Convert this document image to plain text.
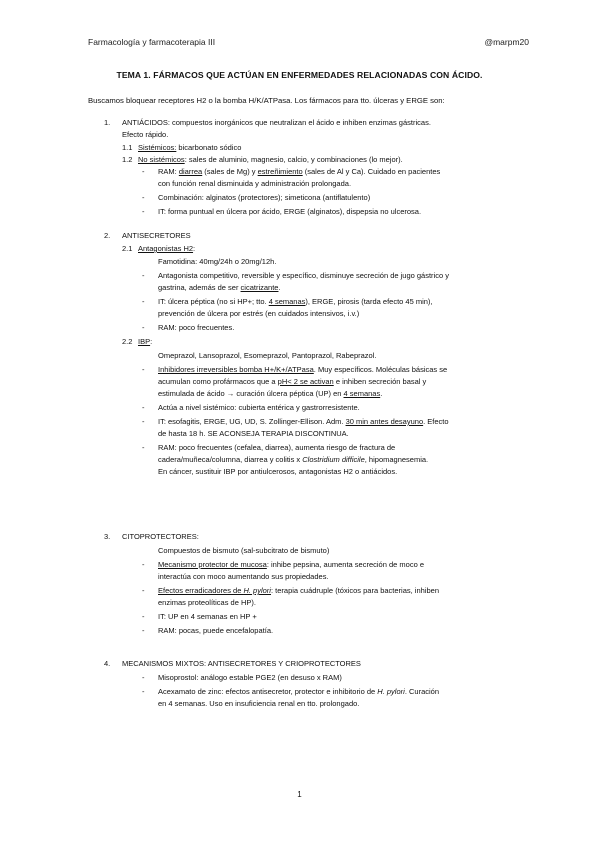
Farmacología y farmacoterapia III	@marpm20
TEMA 1. FÁRMACOS QUE ACTÚAN EN ENFERMEDADES RELACIONADAS CON ÁCIDO.
Buscamos bloquear receptores H2 o la bomba H/K/ATPasa. Los fármacos para tto. úlceras y ERGE son:
1. ANTIÁCIDOS: compuestos inorgánicos que neutralizan el ácido e inhiben enzimas gástricas.
Efecto rápido.
1.1 Sistémicos: bicarbonato sódico
1.2 No sistémicos: sales de aluminio, magnesio, calcio, y combinaciones (lo mejor).
- RAM: diarrea (sales de Mg) y estreñimiento (sales de Al y Ca). Cuidado en pacientes
con función renal disminuida y administración prolongada.
- Combinación: alginatos (protectores); simeticona (antiflatulento)
- IT: forma puntual en úlcera por ácido, ERGE (alginatos), dispepsia no ulcerosa.
2. ANTISECRETORES
2.1 Antagonistas H2:
Famotidina: 40mg/24h o 20mg/12h.
- Antagonista competitivo, reversible y específico, disminuye secreción de jugo gástrico y
gastrina, además de ser cicatrizante.
- IT: úlcera péptica (no si HP+; tto. 4 semanas), ERGE, pirosis (tarda efecto 45 min),
prevención de úlcera por estrés (en cuidados intensivos, i.v.)
- RAM: poco frecuentes.
2.2 IBP:
Omeprazol, Lansoprazol, Esomeprazol, Pantoprazol, Rabeprazol.
- Inhibidores irreversibles bomba H+/K+/ATPasa. Muy específicos. Moléculas básicas se
acumulan como profármacos que a pH< 2 se activan e inhiben secreción basal y
estimulada de ácido → curación úlcera péptica (UP) en 4 semanas.
- Actúa a nivel sistémico: cubierta entérica y gastrorresistente.
- IT: esofagitis, ERGE, UG, UD, S. Zollinger-Ellison. Adm. 30 min antes desayuno. Efecto
de hasta 18 h. SE ACONSEJA TERAPIA DISCONTINUA.
- RAM: poco frecuentes (cefalea, diarrea), aumenta riesgo de fractura de
cadera/muñeca/columna, diarrea y colitis x Clostridium difficile, hipomagnesemia.
En cáncer, sustituir IBP por antiulcerosos, antagonistas H2 o antiácidos.
3. CITOPROTECTORES:
Compuestos de bismuto (sal-subcitrato de bismuto)
- Mecanismo protector de mucosa: inhibe pepsina, aumenta secreción de moco e
interactúa con moco aumentando sus propiedades.
- Efectos erradicadores de H. pylori: terapia cuádruple (tóxicos para bacterias, inhiben
enzimas proteolíticas de HP).
- IT: UP en 4 semanas en HP +
- RAM: pocas, puede encefalopatía.
4. MECANISMOS MIXTOS: ANTISECRETORES Y CRIOPROTECTORES
- Misoprostol: análogo estable PGE2 (en desuso x RAM)
- Acexamato de zinc: efectos antisecretor, protector e inhibitorio de H. pylori. Curación
en 4 semanas. Uso en insuficiencia renal en tto. prolongado.
1
